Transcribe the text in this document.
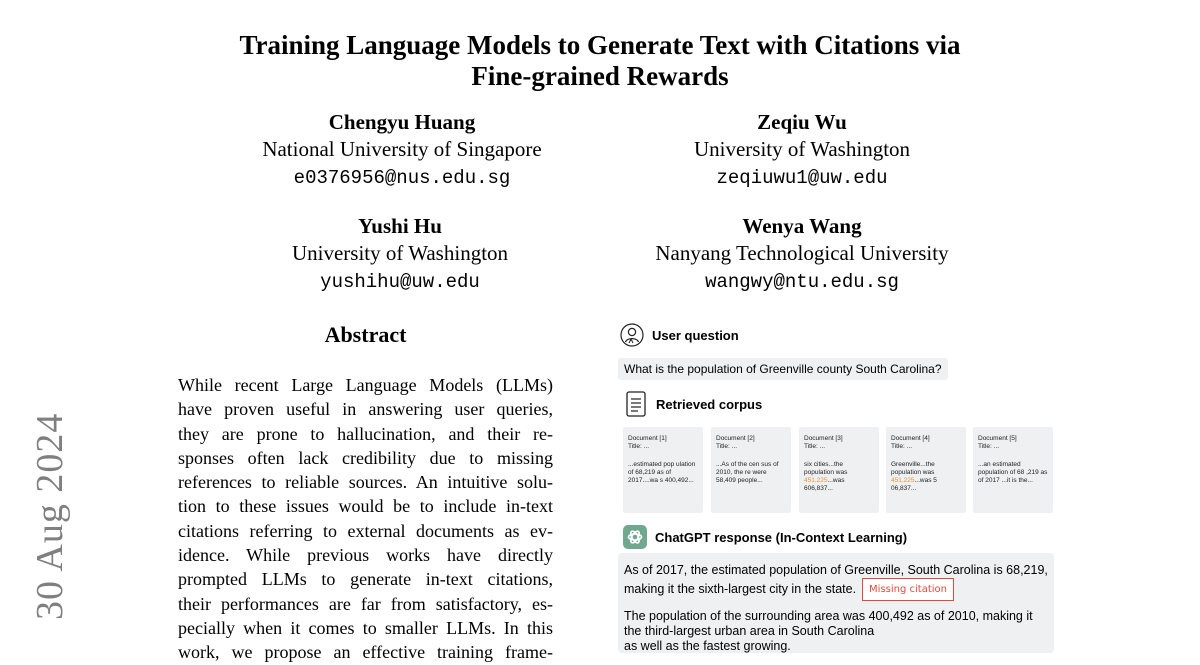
Training Language Models to Generate Text with Citations via
Fine-grained Rewards
Chengyu Huang
National University of Singapore
e0376956@nus.edu.sg
Zeqiu Wu
University of Washington
zeqiuwu1@uw.edu
Yushi Hu
University of Washington
yushihu@uw.edu
Wenya Wang
Nanyang Technological University
wangwy@ntu.edu.sg
30 Aug 2024
Abstract
While recent Large Language Models (LLMs)
have proven useful in answering user queries,
they are prone to hallucination, and their re-
sponses often lack credibility due to missing
references to reliable sources. An intuitive solu-
tion to these issues would be to include in-text
citations referring to external documents as ev-
idence. While previous works have directly
prompted LLMs to generate in-text citations,
their performances are far from satisfactory, es-
pecially when it comes to smaller LLMs. In this
work, we propose an effective training frame-
User question
What is the population of Greenville county South Carolina?
Retrieved corpus
Document [1]
Title: ...
...estimated pop ulation of 68,219 as of 2017....wa s 400,492...
Document [2]
Title: ...
...As of the cen sus of 2010, the re were 58,409 people...
Document [3]
Title: ...
six cities...the population was 451,225...was 606,837...
Document [4]
Title: ...
Greenville...the population was 451,225...was 5 06,837...
Document [5]
Title: ...
...an estimated population of 68 ,219 as of 2017 ...it is the...
ChatGPT response (In-Context Learning)
As of 2017, the estimated population of Greenville, South Carolina is 68,219, making it the sixth-largest city in the state. Missing citation
The population of the surrounding area was 400,492 as of 2010, making it the third-largest urban area in South Carolina
as well as the fastest growing.
